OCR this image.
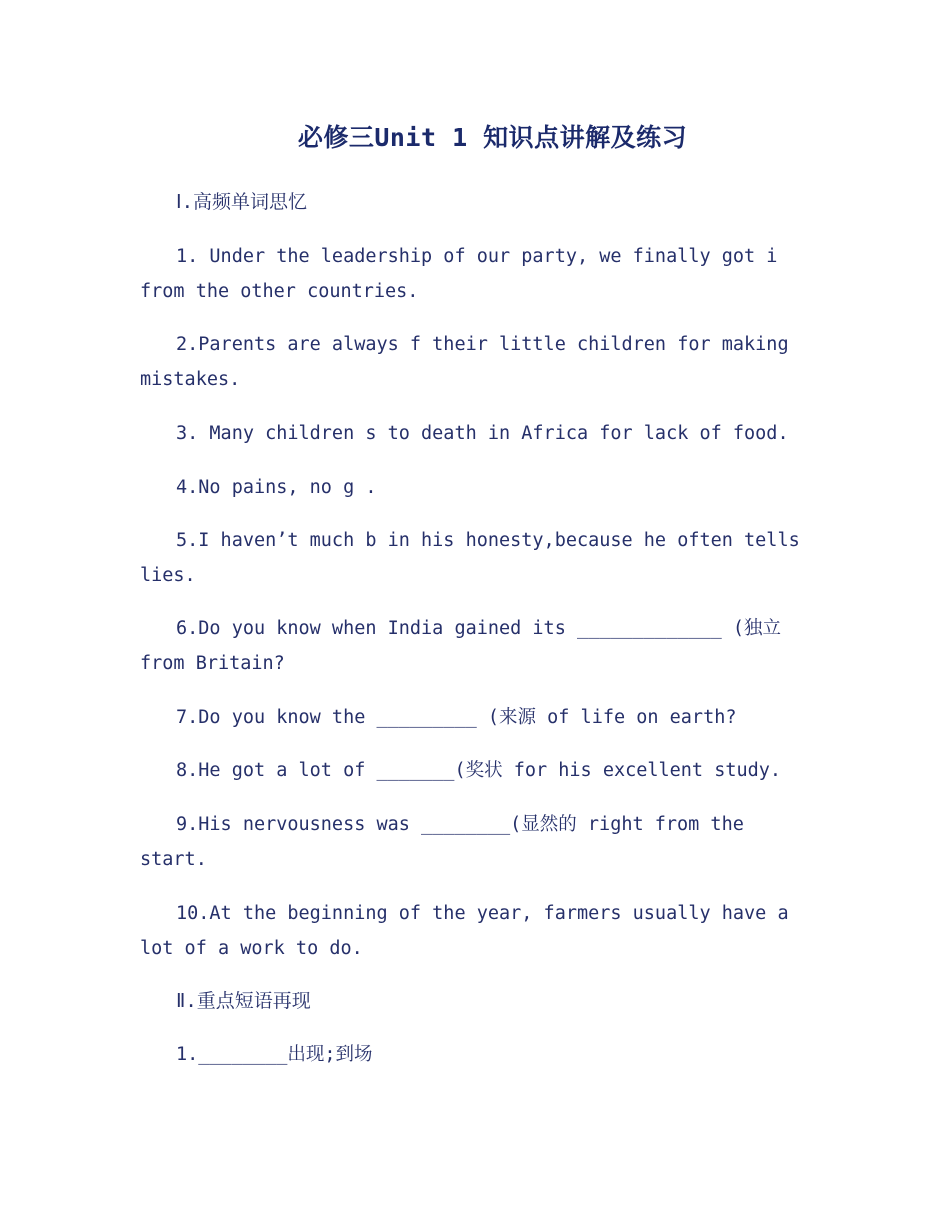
必修三Unit 1 知识点讲解及练习
Ⅰ.高频单词思忆
1. Under the leadership of our party, we finally got i from the other countries.
2.Parents are always f their little children for making mistakes.
3. Many children s to death in Africa for lack of food.
4.No pains, no g .
5.I haven’t much b in his honesty,because he often tells lies.
6.Do you know when India gained its _____________ (独立 from Britain?
7.Do you know the _________ (来源 of life on earth?
8.He got a lot of _______(奖状 for his excellent study.
9.His nervousness was ________(显然的 right from the start.
10.At the beginning of the year, farmers usually have a lot of a work to do.
Ⅱ.重点短语再现
1.________出现;到场
